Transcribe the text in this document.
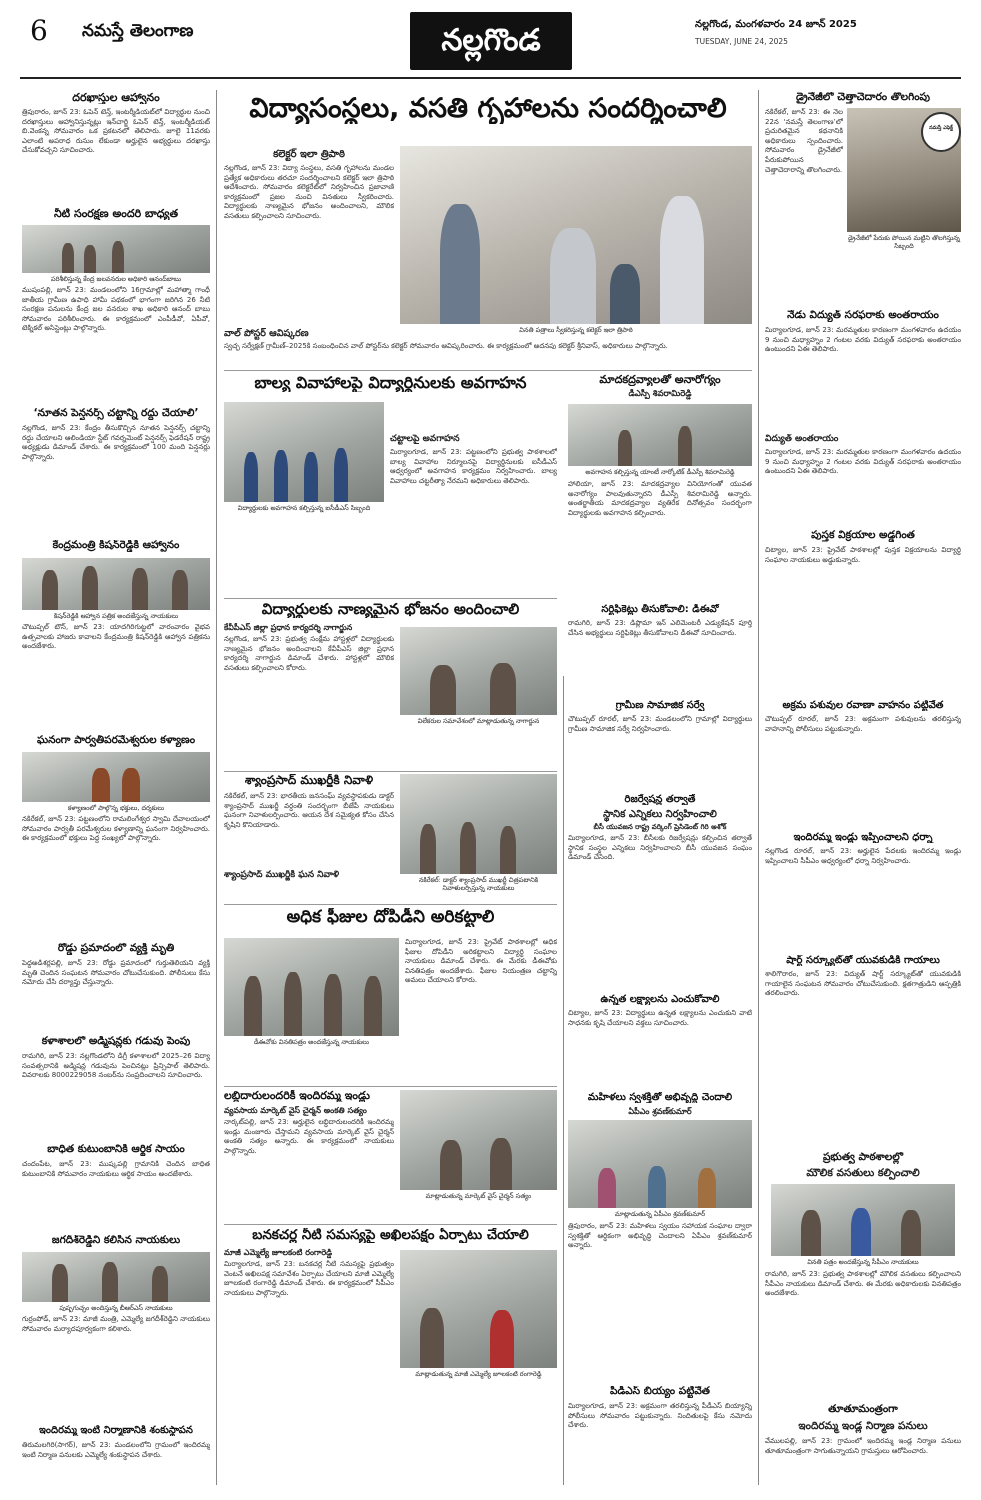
6 నమస్తే తెలంగాణ	నల్లగొండ	నల్లగొండ, మంగళవారం 24 జూన్ 2025
TUESDAY, JUNE 24, 2025
దరఖాస్తుల ఆహ్వానం
త్రిపురారం, జూన్ 23: ఓపెన్ టెన్త్, ఇంటర్మీడియట్‌లో విద్యార్థుల నుంచి దరఖాస్తులు ఆహ్వానిస్తున్నట్లు ఇన్‌చార్జి ఓపెన్ టెన్త్, ఇంటర్మీడియట్ బి.వెంకన్న సోమవారం ఒక ప్రకటనలో తెలిపారు. జూలై 11వరకు ఎలాంటి అపరాధ రుసుం లేకుండా అర్హులైన అభ్యర్థులు దరఖాస్తు చేసుకోవచ్చని సూచించారు.
నీటి సంరక్షణ అందరి బాధ్యత
పరిశీలిస్తున్న కేంద్ర జలవనరుల అధికారి ఆనంద్‌బాబు
ముషంపల్లి, జూన్ 23: మండలంలోని 16గ్రామాల్లో మహాత్మా గాంధీ జాతీయ గ్రామీణ ఉపాధి హామీ పథకంలో భాగంగా జరిగిన 26 నీటి సంరక్షణ పనులను కేంద్ర జల వనరుల శాఖ అధికారి ఆనంద్ బాబు సోమవారం పరిశీలించారు. ఈ కార్యక్రమంలో ఎంపీడీవో, ఏపీవో, టెక్నికల్ అసిస్టెంట్లు పాల్గొన్నారు.
‘నూతన పెన్షనర్స్ చట్టాన్ని రద్దు చేయాలి’
నల్లగొండ, జూన్ 23: కేంద్రం తీసుకొచ్చిన నూతన పెన్షనర్స్ చట్టాన్ని రద్దు చేయాలని ఆలిండియా స్టేట్ గవర్నమెంట్ పెన్షనర్స్ ఫెడరేషన్ రాష్ట్ర అధ్యక్షుడు డిమాండ్ చేశారు. ఈ కార్యక్రమంలో 100 మంది పెన్షనర్లు పాల్గొన్నారు.
కేంద్రమంత్రి కిషన్‌రెడ్డికి ఆహ్వానం
కిషన్‌రెడ్డికి ఆహ్వాన పత్రిక అందజేస్తున్న నాయకులు
చౌటుప్పల్ టౌన్, జూన్ 23: యాదగిరిగుట్టలో వారంవారం వైభవ ఉత్సవాలకు హాజరు కావాలని కేంద్రమంత్రి కిషన్‌రెడ్డికి ఆహ్వాన పత్రికను అందజేశారు.
ఘనంగా పార్వతీపరమేశ్వరుల కళ్యాణం
కళ్యాణంలో పాల్గొన్న భక్తులు, దర్శకులు
నకిరేకల్, జూన్ 23: పట్టణంలోని రామలింగేశ్వర స్వామి దేవాలయంలో సోమవారం పార్వతీ పరమేశ్వరుల కళ్యాణాన్ని ఘనంగా నిర్వహించారు. ఈ కార్యక్రమంలో భక్తులు పెద్ద సంఖ్యలో పాల్గొన్నారు.
రోడ్డు ప్రమాదంలో వ్యక్తి మృతి
పెద్దఅడిశర్లపల్లి, జూన్ 23: రోడ్డు ప్రమాదంలో గుర్తుతెలియని వ్యక్తి మృతి చెందిన సంఘటన సోమవారం చోటుచేసుకుంది. పోలీసులు కేసు నమోదు చేసి దర్యాప్తు చేస్తున్నారు.
కళాశాలలో అడ్మిషన్లకు గడువు పెంపు
రామగిరి, జూన్ 23: నల్లగొండలోని డిగ్రీ కళాశాలలో 2025–26 విద్యా సంవత్సరానికి అడ్మిషన్ల గడువును పెంచినట్లు ప్రిన్సిపాల్ తెలిపారు. వివరాలకు 8000229058 నంబర్‌ను సంప్రదించాలని సూచించారు.
బాధిత కుటుంబానికి ఆర్థిక సాయం
చందంపేట, జూన్ 23: ముష్కపల్లి గ్రామానికి చెందిన బాధిత కుటుంబానికి సోమవారం నాయకులు ఆర్థిక సాయం అందజేశారు.
జగదీశ్‌రెడ్డిని కలిసిన నాయకులు
పుష్పగుచ్ఛం అందిస్తున్న బీఆర్‌ఎస్ నాయకులు
గుర్రంపోడ్, జూన్ 23: మాజీ మంత్రి, ఎమ్మెల్యే జగదీశ్‌రెడ్డిని నాయకులు సోమవారం మర్యాదపూర్వకంగా కలిశారు.
ఇందిరమ్మ ఇంటి నిర్మాణానికి శంకుస్థాపన
తిరుమలగిరి(సాగర్), జూన్ 23: మండలంలోని గ్రామంలో ఇందిరమ్మ ఇంటి నిర్మాణ పనులకు ఎమ్మెల్యే శంకుస్థాపన చేశారు.
విద్యాసంస్థలు, వసతి గృహాలను సందర్శించాలి
కలెక్టర్ ఇలా త్రిపాఠి
నల్లగొండ, జూన్ 23: విద్యా సంస్థలు, వసతి గృహాలను మండల ప్రత్యేక అధికారులు తరచూ సందర్శించాలని కలెక్టర్ ఇలా త్రిపాఠి ఆదేశించారు. సోమవారం కలెక్టరేట్‌లో నిర్వహించిన ప్రజావాణి కార్యక్రమంలో ప్రజల నుంచి వినతులు స్వీకరించారు. విద్యార్థులకు నాణ్యమైన భోజనం అందించాలని, మౌలిక వసతులు కల్పించాలని సూచించారు.
వినతి పత్రాలు స్వీకరిస్తున్న కలెక్టర్ ఇలా త్రిపాఠి
వాల్ పోస్టర్ ఆవిష్కరణ
స్వచ్ఛ సర్వేక్షణ్ గ్రామీణ్–2025కి సంబంధించిన వాల్ పోస్టర్‌ను కలెక్టర్ సోమవారం ఆవిష్కరించారు. ఈ కార్యక్రమంలో అదనపు కలెక్టర్ శ్రీనివాస్, అధికారులు పాల్గొన్నారు.
బాల్య వివాహాలపై విద్యార్థినులకు అవగాహన
విద్యార్థులకు అవగాహన కల్పిస్తున్న ఐసీడీఎస్ సిబ్బంది
చట్టాలపై అవగాహన
మిర్యాలగూడ, జూన్ 23: పట్టణంలోని ప్రభుత్వ పాఠశాలలో బాల్య వివాహాల నిర్మూలనపై విద్యార్థినులకు ఐసీడీఎస్ ఆధ్వర్యంలో అవగాహన కార్యక్రమం నిర్వహించారు. బాల్య వివాహాలు చట్టరీత్యా నేరమని అధికారులు తెలిపారు.
విద్యార్థులకు నాణ్యమైన భోజనం అందించాలి
కేవీపీఎస్ జిల్లా ప్రధాన కార్యదర్శి నాగార్జున
నల్లగొండ, జూన్ 23: ప్రభుత్వ సంక్షేమ హాస్టళ్లలో విద్యార్థులకు నాణ్యమైన భోజనం అందించాలని కేవీపీఎస్ జిల్లా ప్రధాన కార్యదర్శి నాగార్జున డిమాండ్ చేశారు. హాస్టళ్లలో మౌలిక వసతులు కల్పించాలని కోరారు.
విలేకరుల సమావేశంలో మాట్లాడుతున్న నాగార్జున
శ్యాంప్రసాద్ ముఖర్జీకి నివాళి
నకిరేకల్, జూన్ 23: భారతీయ జనసంఘ్ వ్యవస్థాపకుడు డాక్టర్ శ్యాంప్రసాద్ ముఖర్జీ వర్ధంతి సందర్భంగా బీజేపీ నాయకులు ఘనంగా నివాళులర్పించారు. ఆయన దేశ సమైక్యత కోసం చేసిన కృషిని కొనియాడారు.
శ్యాంప్రసాద్ ముఖర్జీకి ఘన నివాళి	నకిరేకల్: డాక్టర్ శ్యాంప్రసాద్ ముఖర్జీ చిత్రపటానికి నివాళులర్పిస్తున్న నాయకులు
అధిక ఫీజుల దోపిడీని అరికట్టాలి
డీఈవోకు వినతిపత్రం అందజేస్తున్న నాయకులు
మిర్యాలగూడ, జూన్ 23: ప్రైవేట్ పాఠశాలల్లో అధిక ఫీజుల దోపిడీని అరికట్టాలని విద్యార్థి సంఘాల నాయకులు డిమాండ్ చేశారు. ఈ మేరకు డీఈవోకు వినతిపత్రం అందజేశారు. ఫీజుల నియంత్రణ చట్టాన్ని అమలు చేయాలని కోరారు.
లబ్ధిదారులందరికీ ఇందిరమ్మ ఇండ్లు
వ్యవసాయ మార్కెట్ వైస్ చైర్మన్ అంకతి సత్యం
నార్కట్‌పల్లి, జూన్ 23: అర్హులైన లబ్ధిదారులందరికీ ఇందిరమ్మ ఇండ్లు మంజూరు చేస్తామని వ్యవసాయ మార్కెట్ వైస్ చైర్మన్ అంకతి సత్యం అన్నారు. ఈ కార్యక్రమంలో నాయకులు పాల్గొన్నారు.
మాట్లాడుతున్న మార్కెట్ వైస్ చైర్మన్ సత్యం
బనకచర్ల నీటి సమస్యపై అఖిలపక్షం ఏర్పాటు చేయాలి
మాజీ ఎమ్మెల్యే జూలకంటి రంగారెడ్డి
మిర్యాలగూడ, జూన్ 23: బనకచర్ల నీటి సమస్యపై ప్రభుత్వం వెంటనే అఖిలపక్ష సమావేశం ఏర్పాటు చేయాలని మాజీ ఎమ్మెల్యే జూలకంటి రంగారెడ్డి డిమాండ్ చేశారు. ఈ కార్యక్రమంలో సీపీఎం నాయకులు పాల్గొన్నారు.
మాట్లాడుతున్న మాజీ ఎమ్మెల్యే జూలకంటి రంగారెడ్డి
మాదకద్రవ్యాలతో అనారోగ్యం
డీఎస్పీ శివరామిరెడ్డి
అవగాహన కల్పిస్తున్న యాంటీ నార్కోటిక్ డీఎస్పీ శివరామిరెడ్డి
హాలియా, జూన్ 23: మాదకద్రవ్యాల వినియోగంతో యువత అనారోగ్యం పాలవుతున్నారని డీఎస్పీ శివరామిరెడ్డి అన్నారు. అంతర్జాతీయ మాదకద్రవ్యాల వ్యతిరేక దినోత్సవం సందర్భంగా విద్యార్థులకు అవగాహన కల్పించారు.
సర్టిఫికెట్లు తీసుకోవాలి: డీఈవో
రామగిరి, జూన్ 23: డిప్లొమా ఇన్ ఎలిమెంటరీ ఎడ్యుకేషన్ పూర్తి చేసిన అభ్యర్థులు సర్టిఫికెట్లు తీసుకోవాలని డీఈవో సూచించారు.
గ్రామీణ సామాజిక సర్వే
చౌటుప్పల్ రూరల్, జూన్ 23: మండలంలోని గ్రామాల్లో విద్యార్థులు గ్రామీణ సామాజిక సర్వే నిర్వహించారు.
రిజర్వేషన్ల తర్వాతే
స్థానిక ఎన్నికలు నిర్వహించాలి
బీసీ యువజన రాష్ట్ర వర్కింగ్ ప్రెసిడెంట్ గిరి అశోక్
మిర్యాలగూడ, జూన్ 23: బీసీలకు రిజర్వేషన్లు కల్పించిన తర్వాతే స్థానిక సంస్థల ఎన్నికలు నిర్వహించాలని బీసీ యువజన సంఘం డిమాండ్ చేసింది.
ఉన్నత లక్ష్యాలను ఎంచుకోవాలి
చిట్యాల, జూన్ 23: విద్యార్థులు ఉన్నత లక్ష్యాలను ఎంచుకుని వాటి సాధనకు కృషి చేయాలని వక్తలు సూచించారు.
మహిళలు స్వశక్తితో అభివృద్ధి చెందాలి
ఏపీఎం శ్రవణ్‌కుమార్
మాట్లాడుతున్న ఏపీఎం శ్రవణ్‌కుమార్
త్రిపురారం, జూన్ 23: మహిళలు స్వయం సహాయక సంఘాల ద్వారా స్వశక్తితో ఆర్థికంగా అభివృద్ధి చెందాలని ఏపీఎం శ్రవణ్‌కుమార్ అన్నారు.
పీడీఎస్ బియ్యం పట్టివేత
మిర్యాలగూడ, జూన్ 23: అక్రమంగా తరలిస్తున్న పీడీఎస్ బియ్యాన్ని పోలీసులు సోమవారం పట్టుకున్నారు. నిందితులపై కేసు నమోదు చేశారు.
డ్రైనేజీలో చెత్తాచెదారం తొలగింపు
నకిరేకల్, జూన్ 23: ఈ నెల 22న ‘నమస్తే తెలంగాణ’లో ప్రచురితమైన కథనానికి అధికారులు స్పందించారు. సోమవారం డ్రైనేజీలో పేరుకుపోయిన చెత్తాచెదారాన్ని తొలగించారు.
నమస్తే ఎఫెక్ట్
డ్రైనేజీలో పేరుకు పోయిన మట్టిని తొలగిస్తున్న సిబ్బంది
నేడు విద్యుత్ సరఫరాకు అంతరాయం
మిర్యాలగూడ, జూన్ 23: మరమ్మతుల కారణంగా మంగళవారం ఉదయం 9 నుంచి మధ్యాహ్నం 2 గంటల వరకు విద్యుత్ సరఫరాకు అంతరాయం ఉంటుందని ఏఈ తెలిపారు.
విద్యుత్ అంతరాయం
మిర్యాలగూడ, జూన్ 23: మరమ్మతుల కారణంగా మంగళవారం ఉదయం 9 నుంచి మధ్యాహ్నం 2 గంటల వరకు విద్యుత్ సరఫరాకు అంతరాయం ఉంటుందని ఏఈ తెలిపారు.
పుస్తక విక్రయాల అడ్డగింత
చిట్యాల, జూన్ 23: ప్రైవేట్ పాఠశాలల్లో పుస్తక విక్రయాలను విద్యార్థి సంఘాల నాయకులు అడ్డుకున్నారు.
అక్రమ పశువుల రవాణా వాహనం పట్టివేత
చౌటుప్పల్ రూరల్, జూన్ 23: అక్రమంగా పశువులను తరలిస్తున్న వాహనాన్ని పోలీసులు పట్టుకున్నారు.
ఇందిరమ్మ ఇండ్లు ఇప్పించాలని ధర్నా
నల్లగొండ రూరల్, జూన్ 23: అర్హులైన పేదలకు ఇందిరమ్మ ఇండ్లు ఇప్పించాలని సీపీఎం ఆధ్వర్యంలో ధర్నా నిర్వహించారు.
షార్ట్ సర్క్యూట్‌తో యువకుడికి గాయాలు
శాలిగౌరారం, జూన్ 23: విద్యుత్ షార్ట్ సర్క్యూట్‌తో యువకుడికి గాయాలైన సంఘటన సోమవారం చోటుచేసుకుంది. క్షతగాత్రుడిని ఆస్పత్రికి తరలించారు.
ప్రభుత్వ పాఠశాలల్లో
మౌలిక వసతులు కల్పించాలి
వినతి పత్రం అందజేస్తున్న సీపీఎం నాయకులు
రామగిరి, జూన్ 23: ప్రభుత్వ పాఠశాలల్లో మౌలిక వసతులు కల్పించాలని సీపీఎం నాయకులు డిమాండ్ చేశారు. ఈ మేరకు అధికారులకు వినతిపత్రం అందజేశారు.
తూతూమంత్రంగా
ఇందిరమ్మ ఇండ్ల నిర్మాణ పనులు
వేములపల్లి, జూన్ 23: గ్రామంలో ఇందిరమ్మ ఇండ్ల నిర్మాణ పనులు తూతూమంత్రంగా సాగుతున్నాయని గ్రామస్తులు ఆరోపించారు.
